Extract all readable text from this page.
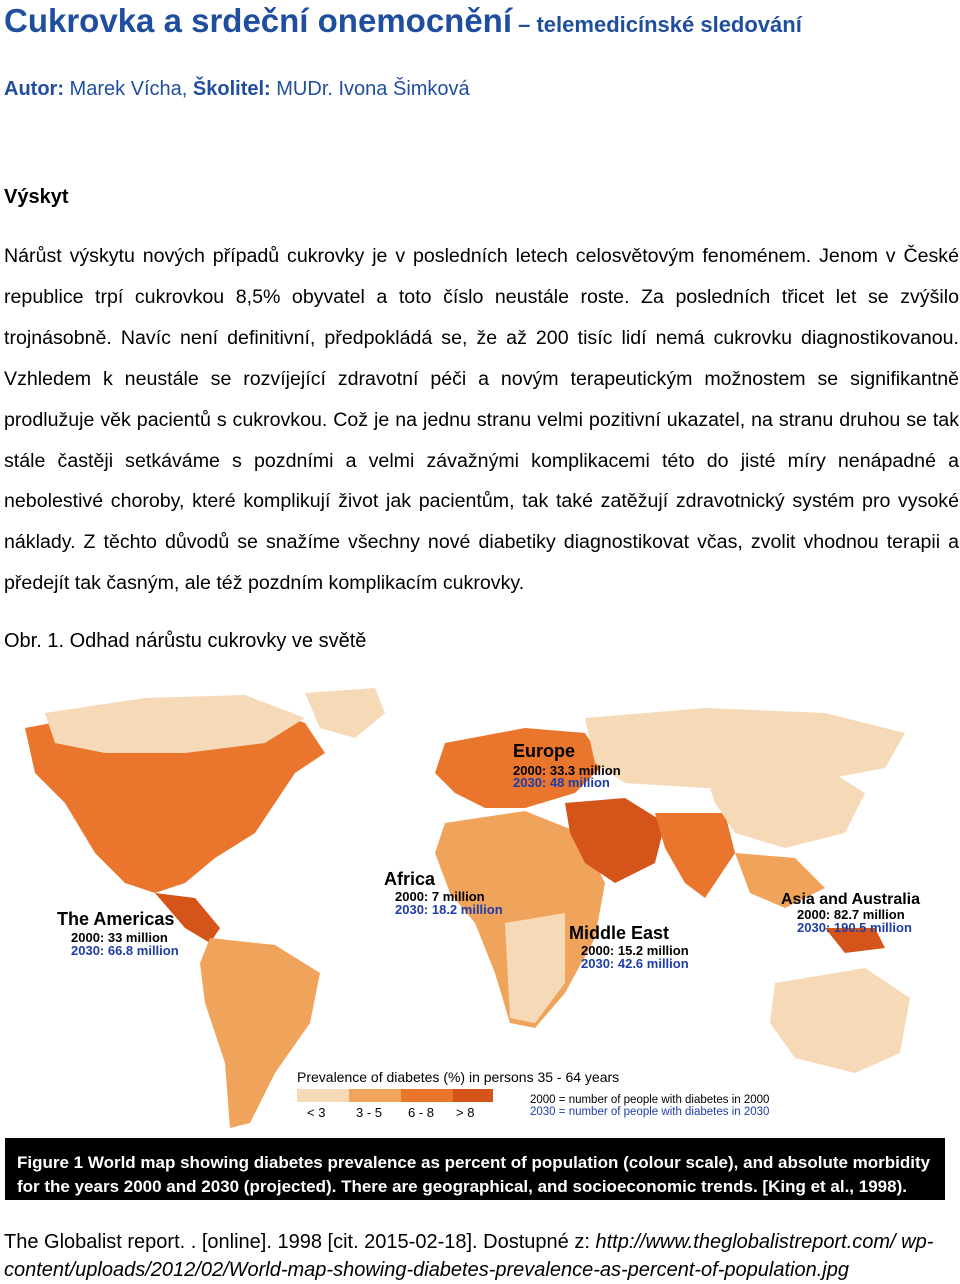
Cukrovka a srdeční onemocnění – telemedicínské sledování
Autor: Marek Vícha, Školitel: MUDr. Ivona Šimková
Výskyt
Nárůst výskytu nových případů cukrovky je v posledních letech celosvětovým fenoménem. Jenom v České republice trpí cukrovkou 8,5% obyvatel a toto číslo neustále roste. Za posledních třicet let se zvýšilo trojnásobně. Navíc není definitivní, předpokládá se, že až 200 tisíc lidí nemá cukrovku diagnostikovanou. Vzhledem k neustále se rozvíjející zdravotní péči a novým terapeutickým možnostem se signifikantně prodlužuje věk pacientů s cukrovkou. Což je na jednu stranu velmi pozitivní ukazatel, na stranu druhou se tak stále častěji setkáváme s pozdními a velmi závažnými komplikacemi této do jisté míry nenápadné a nebolestivé choroby, které komplikují život jak pacientům, tak také zatěžují zdravotnický systém pro vysoké náklady. Z těchto důvodů se snažíme všechny nové diabetiky diagnostikovat včas, zvolit vhodnou terapii a předejít tak časným, ale též pozdním komplikacím cukrovky.
Obr. 1. Odhad nárůstu cukrovky ve světě
Europe
2000: 33.3 million
2030: 48 million
Africa
2000: 7 million
2030: 18.2 million
The Americas
2000: 33 million
2030: 66.8 million
Middle East
2000: 15.2 million
2030: 42.6 million
Asia and Australia
2000: 82.7 million
2030: 190.5 million
Prevalence of diabetes (%) in persons 35 - 64 years
< 3 3 - 5 6 - 8 > 8
2000 = number of people with diabetes in 2000
2030 = number of people with diabetes in 2030
Figure 1 World map showing diabetes prevalence as percent of population (colour scale), and absolute morbidity for the years 2000 and 2030 (projected). There are geographical, and socioeconomic trends. [King et al., 1998).
The Globalist report. . [online]. 1998 [cit. 2015-02-18]. Dostupné z: http://www.theglobalistreport.com/ wp-content/uploads/2012/02/World-map-showing-diabetes-prevalence-as-percent-of-population.jpg
